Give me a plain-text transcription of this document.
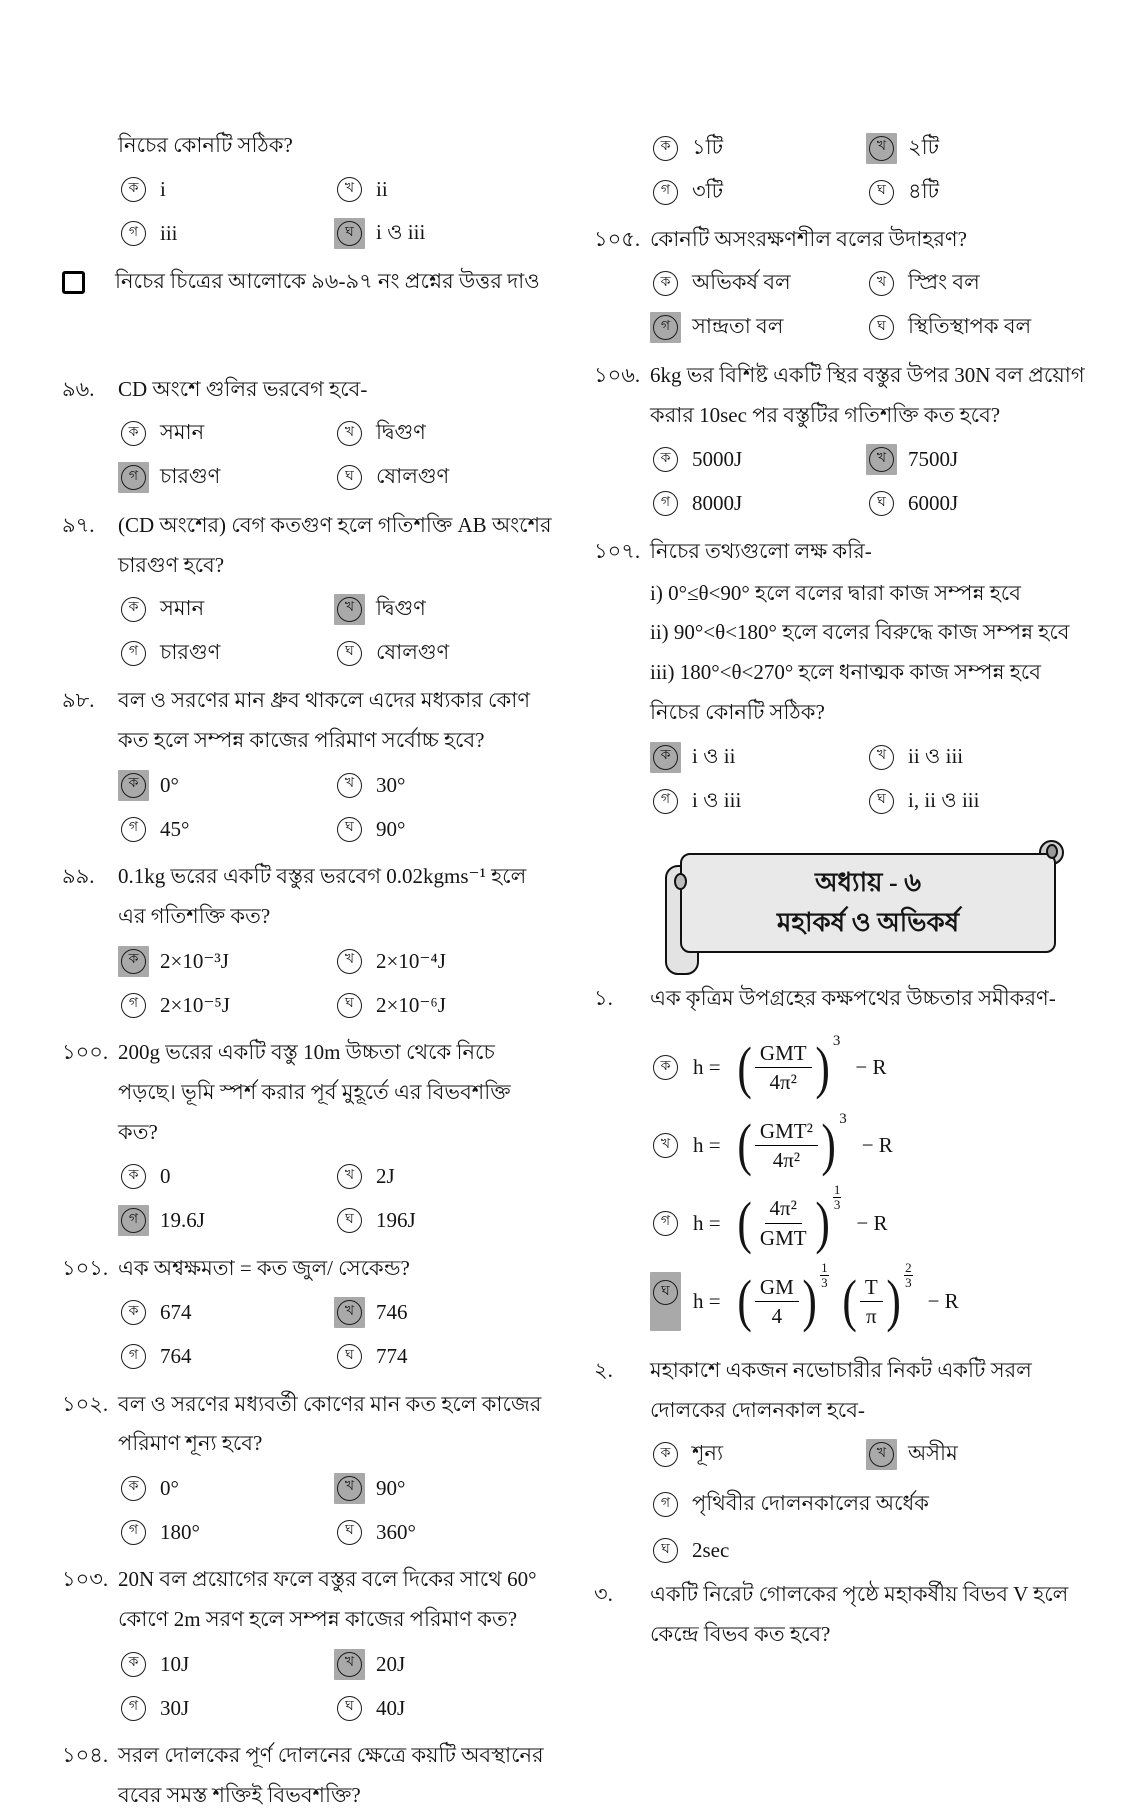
নিচের কোনটি সঠিক?
ক	i	খ	ii
গ	iii	ঘ	i ও iii
নিচের চিত্রের আলোকে ৯৬-৯৭ নং প্রশ্নের উত্তর দাও
৯৬.	CD অংশে গুলির ভরবেগ হবে-
ক	সমান	খ	দ্বিগুণ
গ	চারগুণ	ঘ	ষোলগুণ
৯৭.	(CD অংশের) বেগ কতগুণ হলে গতিশক্তি AB অংশের চারগুণ হবে?
ক	সমান	খ	দ্বিগুণ
গ	চারগুণ	ঘ	ষোলগুণ
৯৮.	বল ও সরণের মান ধ্রুব থাকলে এদের মধ্যকার কোণ কত হলে সম্পন্ন কাজের পরিমাণ সর্বোচ্চ হবে?
ক	0°	খ	30°
গ	45°	ঘ	90°
৯৯.	0.1kg ভরের একটি বস্তুর ভরবেগ 0.02kgms⁻¹ হলে এর গতিশক্তি কত?
ক	2×10⁻³J	খ	2×10⁻⁴J
গ	2×10⁻⁵J	ঘ	2×10⁻⁶J
১০০. 200g ভরের একটি বস্তু 10m উচ্চতা থেকে নিচে পড়ছে। ভূমি স্পর্শ করার পূর্ব মুহূর্তে এর বিভবশক্তি কত?
ক	0	খ	2J
গ	19.6J	ঘ	196J
১০১. এক অশ্বক্ষমতা = কত জুল/ সেকেন্ড?
ক	674	খ	746
গ	764	ঘ	774
১০২. বল ও সরণের মধ্যবর্তী কোণের মান কত হলে কাজের পরিমাণ শূন্য হবে?
ক	0°	খ	90°
গ	180°	ঘ	360°
১০৩. 20N বল প্রয়োগের ফলে বস্তুর বলে দিকের সাথে 60° কোণে 2m সরণ হলে সম্পন্ন কাজের পরিমাণ কত?
ক	10J	খ	20J
গ	30J	ঘ	40J
১০৪. সরল দোলকের পূর্ণ দোলনের ক্ষেত্রে কয়টি অবস্থানের ববের সমস্ত শক্তিই বিভবশক্তি?
ক	১টি	খ	২টি
গ	৩টি	ঘ	৪টি
১০৫. কোনটি অসংরক্ষণশীল বলের উদাহরণ?
ক	অভিকর্ষ বল	খ	স্প্রিং বল
গ	সান্দ্রতা বল	ঘ	স্থিতিস্থাপক বল
১০৬. 6kg ভর বিশিষ্ট একটি স্থির বস্তুর উপর 30N বল প্রয়োগ করার 10sec পর বস্তুটির গতিশক্তি কত হবে?
ক	5000J	খ	7500J
গ	8000J	ঘ	6000J
১০৭. নিচের তথ্যগুলো লক্ষ করি-
i) 0°≤θ<90° হলে বলের দ্বারা কাজ সম্পন্ন হবে
ii) 90°<θ<180° হলে বলের বিরুদ্ধে কাজ সম্পন্ন হবে
iii) 180°<θ<270° হলে ধনাত্মক কাজ সম্পন্ন হবে
নিচের কোনটি সঠিক?
ক	i ও ii	খ	ii ও iii
গ	i ও iii	ঘ	i, ii ও iii
অধ্যায় - ৬
মহাকর্ষ ও অভিকর্ষ
১.	এক কৃত্রিম উপগ্রহের কক্ষপথের উচ্চতার সমীকরণ-
ক	h = ( $\frac{\text{GMT}}{\text{4π²}}$ ) 3
− R
খ	h = ( $\frac{\text{GMT²}}{\text{4π²}}$ ) 3
− R
গ	h = ( $\frac{\text{4π²}}{\text{GMT}}$ ) $\frac{1}{3}$
− R
ঘ	h = ( $\frac{GM}{4}$ ) $\frac{1}{3}$ ( $\frac{T}{\pi}$ ) $\frac{2}{3}$
− R
২.	মহাকাশে একজন নভোচারীর নিকট একটি সরল দোলকের দোলনকাল হবে-
ক	শূন্য	খ	অসীম
গ	পৃথিবীর দোলনকালের অর্ধেক
ঘ	2sec
৩.	একটি নিরেট গোলকের পৃষ্ঠে মহাকর্ষীয় বিভব V হলে কেন্দ্রে বিভব কত হবে?
